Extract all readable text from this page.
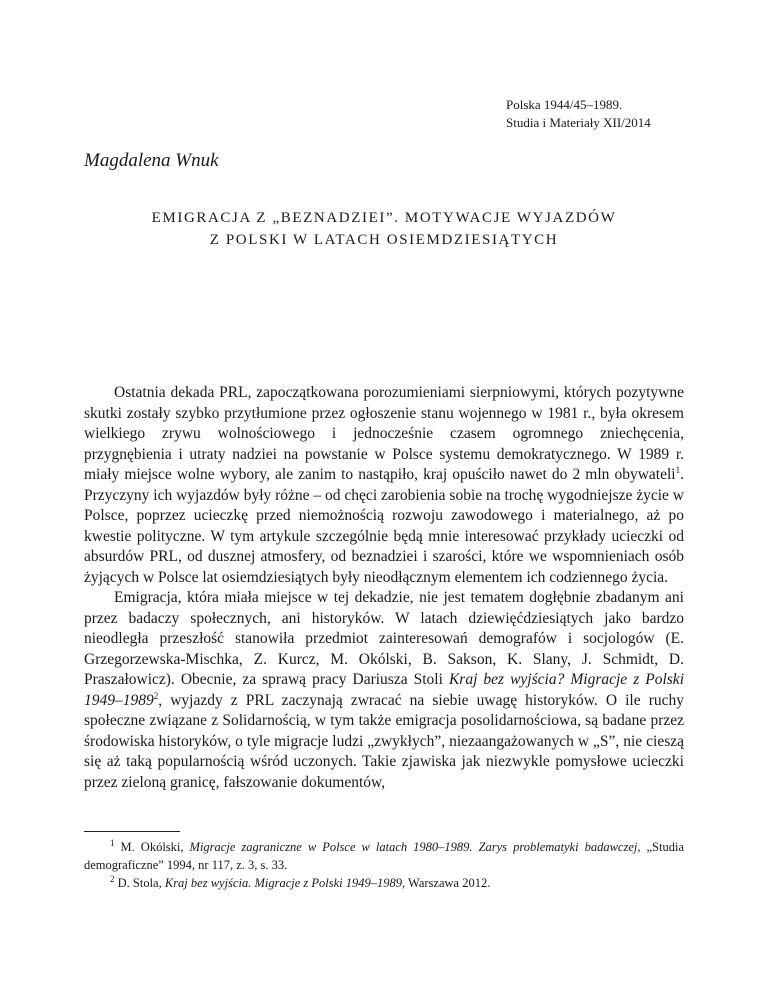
Polska 1944/45–1989.
Studia i Materiały XII/2014
Magdalena Wnuk
EMIGRACJA Z „BEZNADZIEI”. MOTYWACJE WYJAZDÓW
Z POLSKI W LATACH OSIEMDZIESIĄTYCH

Ostatnia dekada PRL, zapoczątkowana porozumieniami sierpniowymi, których pozytywne skutki zostały szybko przytłumione przez ogłoszenie stanu wojennego w 1981 r., była okresem wielkiego zrywu wolnościowego i jednocześnie czasem ogromnego zniechęcenia, przygnębienia i utraty nadziei na powstanie w Polsce systemu demokratycznego. W 1989 r. miały miejsce wolne wybory, ale zanim to nastąpiło, kraj opuściło nawet do 2 mln obywateli$^1$. Przyczyny ich wyjazdów były różne – od chęci zarobienia sobie na trochę wygodniejsze życie w Polsce, poprzez ucieczkę przed niemożnością rozwoju zawodowego i materialnego, aż po kwestie polityczne. W tym artykule szczególnie będą mnie interesować przykłady ucieczki od absurdów PRL, od dusznej atmosfery, od beznadziei i szarości, które we wspomnieniach osób żyjących w Polsce lat osiemdziesiątych były nieodłącznym elementem ich codziennego życia.

Emigracja, która miała miejsce w tej dekadzie, nie jest tematem dogłębnie zbadanym ani przez badaczy społecznych, ani historyków. W latach dziewięćdziesiątych jako bardzo nieodległa przeszłość stanowiła przedmiot zainteresowań demografów i socjologów (E. Grzegorzewska-Mischka, Z. Kurcz, M. Okólski, B. Sakson, K. Slany, J. Schmidt, D. Praszałowicz). Obecnie, za sprawą pracy Dariusza Stoli Kraj bez wyjścia? Migracje z Polski 1949–1989$^2$, wyjazdy z PRL zaczynają zwracać na siebie uwagę historyków. O ile ruchy społeczne związane z Solidarnością, w tym także emigracja posolidarnościowa, są badane przez środowiska historyków, o tyle migracje ludzi „zwykłych”, niezaangażowanych w „S”, nie cieszą się aż taką popularnością wśród uczonych. Takie zjawiska jak niezwykle pomysłowe ucieczki przez zieloną granicę, fałszowanie dokumentów,

$^1$ M. Okólski, Migracje zagraniczne w Polsce w latach 1980–1989. Zarys problematyki badawczej, „Studia demograficzne” 1994, nr 117, z. 3, s. 33.

$^2$ D. Stola, Kraj bez wyjścia. Migracje z Polski 1949–1989, Warszawa 2012.
